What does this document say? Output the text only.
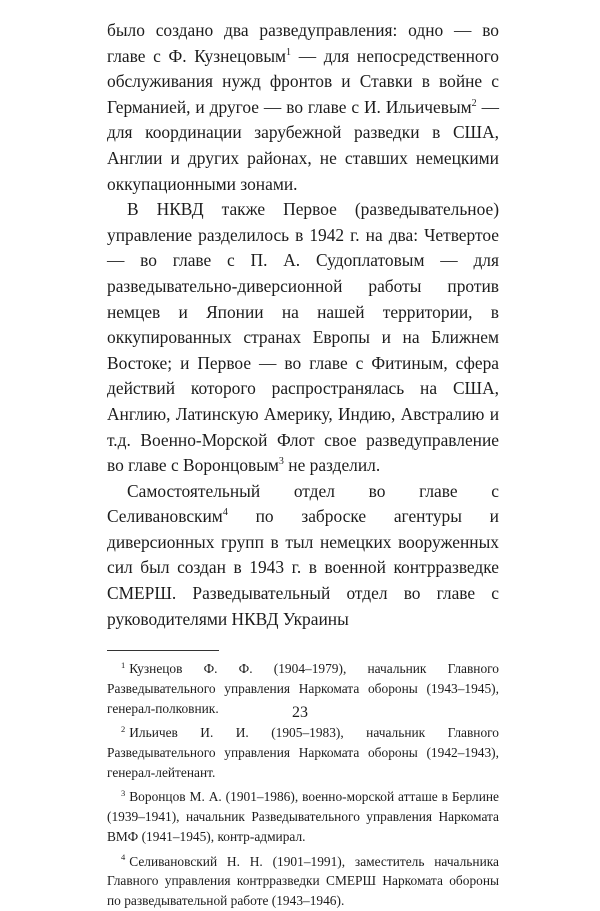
было создано два разведуправления: одно — во главе с Ф. Кузнецовым$^1$ — для непосредственного обслуживания нужд фронтов и Ставки в войне с Германией, и другое — во главе с И. Ильичевым$^2$ — для координации зарубежной разведки в США, Англии и других районах, не ставших немецкими оккупационными зонами.

В НКВД также Первое (разведывательное) управление разделилось в 1942 г. на два: Четвертое — во главе с П. А. Судоплатовым — для разведывательно-диверсионной работы против немцев и Японии на нашей территории, в оккупированных странах Европы и на Ближнем Востоке; и Первое — во главе с Фитиным, сфера действий которого распространялась на США, Англию, Латинскую Америку, Индию, Австралию и т.д. Военно-Морской Флот свое разведуправление во главе с Воронцовым$^3$ не разделил.

Самостоятельный отдел во главе с Селивановским$^4$ по заброске агентуры и диверсионных групп в тыл немецких вооруженных сил был создан в 1943 г. в военной контрразведке СМЕРШ. Разведывательный отдел во главе с руководителями НКВД Украины

$^1$ Кузнецов Ф. Ф. (1904–1979), начальник Главного Разведывательного управления Наркомата обороны (1943–1945), генерал-полковник.

$^2$ Ильичев И. И. (1905–1983), начальник Главного Разведывательного управления Наркомата обороны (1942–1943), генерал-лейтенант.

$^3$ Воронцов М. А. (1901–1986), военно-морской атташе в Берлине (1939–1941), начальник Разведывательного управления Наркомата ВМФ (1941–1945), контр-адмирал.

$^4$ Селивановский Н. Н. (1901–1991), заместитель начальника Главного управления контрразведки СМЕРШ Наркомата обороны по разведывательной работе (1943–1946).

23
